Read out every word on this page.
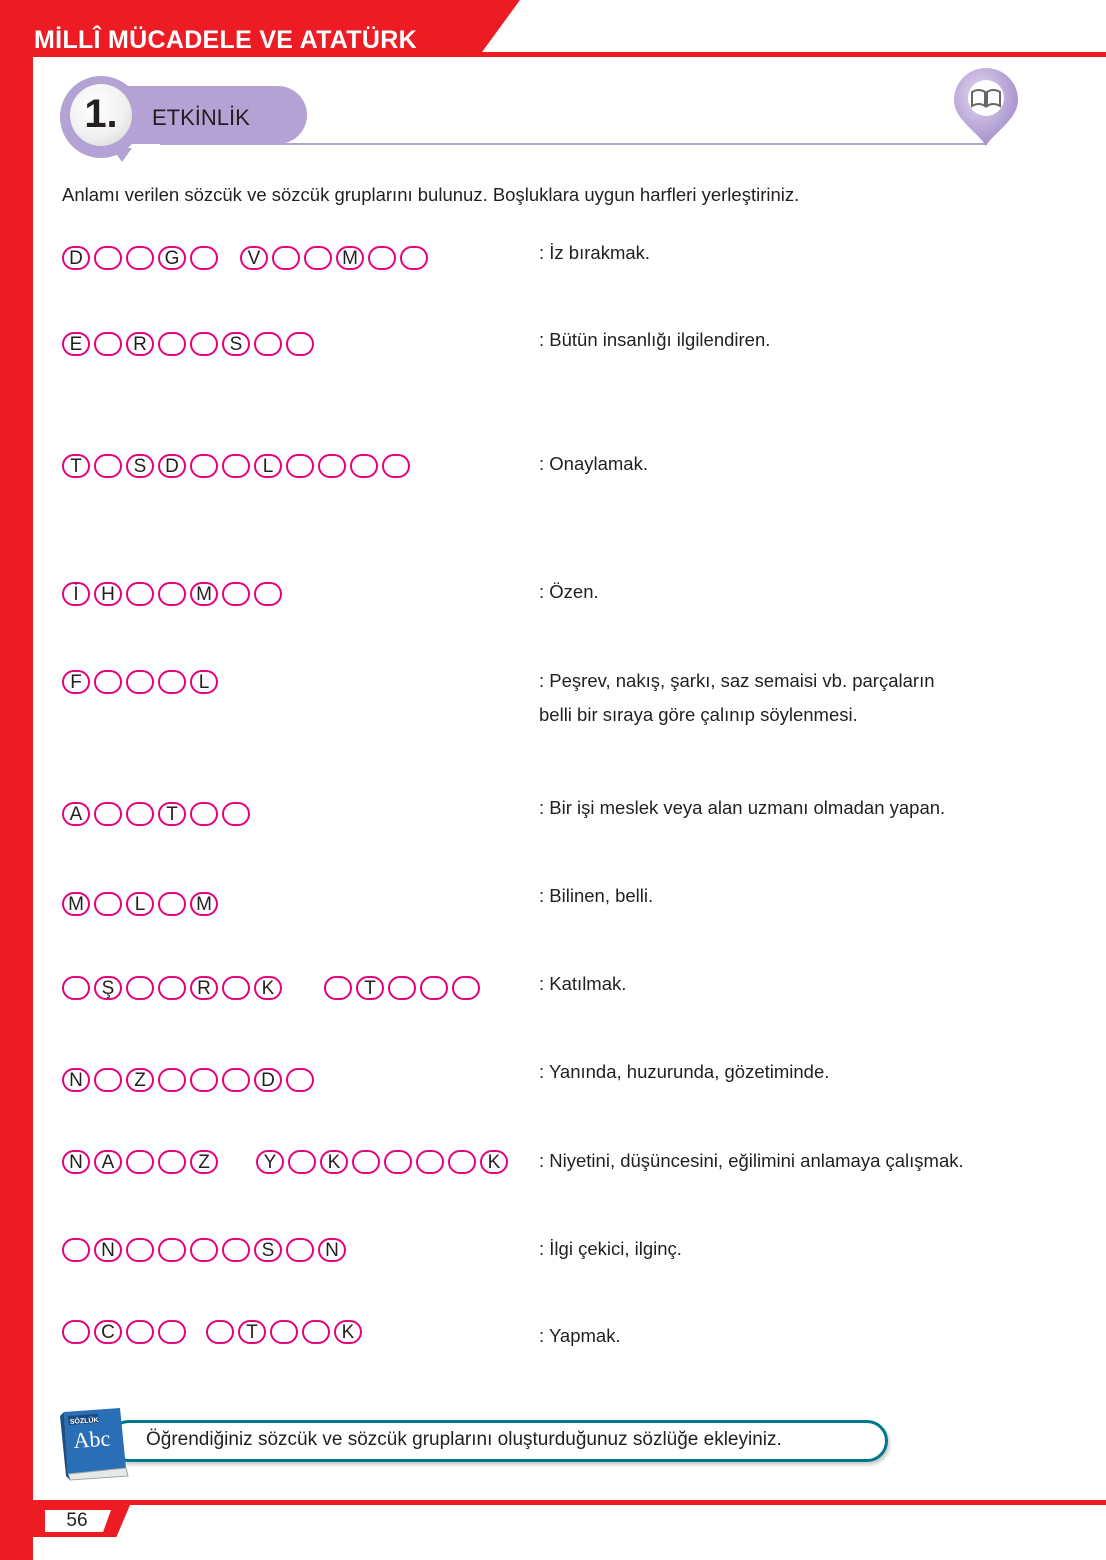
MİLLÎ MÜCADELE VE ATATÜRK
56
1.	ETKİNLİK
Anlamı verilen sözcük ve sözcük gruplarını bulunuz. Boşluklara uygun harfleri yerleştiriniz.
D	G	V	M	: İz bırakmak.
E	R	S	: Bütün insanlığı ilgilendiren.
T	S D	L	: Onaylamak.
İ	H	M	: Özen.
F	L	: Peşrev, nakış, şarkı, saz semaisi vb. parçaların
belli bir sıraya göre çalınıp söylenmesi.
A	T	: Bir işi meslek veya alan uzmanı olmadan yapan.
M	L	M	: Bilinen, belli.
Ş	R	K	T	: Katılmak.
N	Z	D	: Yanında, huzurunda, gözetiminde.
N A	Z	Y	K	K	: Niyetini, düşüncesini, eğilimini anlamaya çalışmak.
N	S	N	: İlgi çekici, ilginç.
C	T	K	: Yapmak.
Öğrendiğiniz sözcük ve sözcük gruplarını oluşturduğunuz sözlüğe ekleyiniz.
SÖZLÜK
Abc
